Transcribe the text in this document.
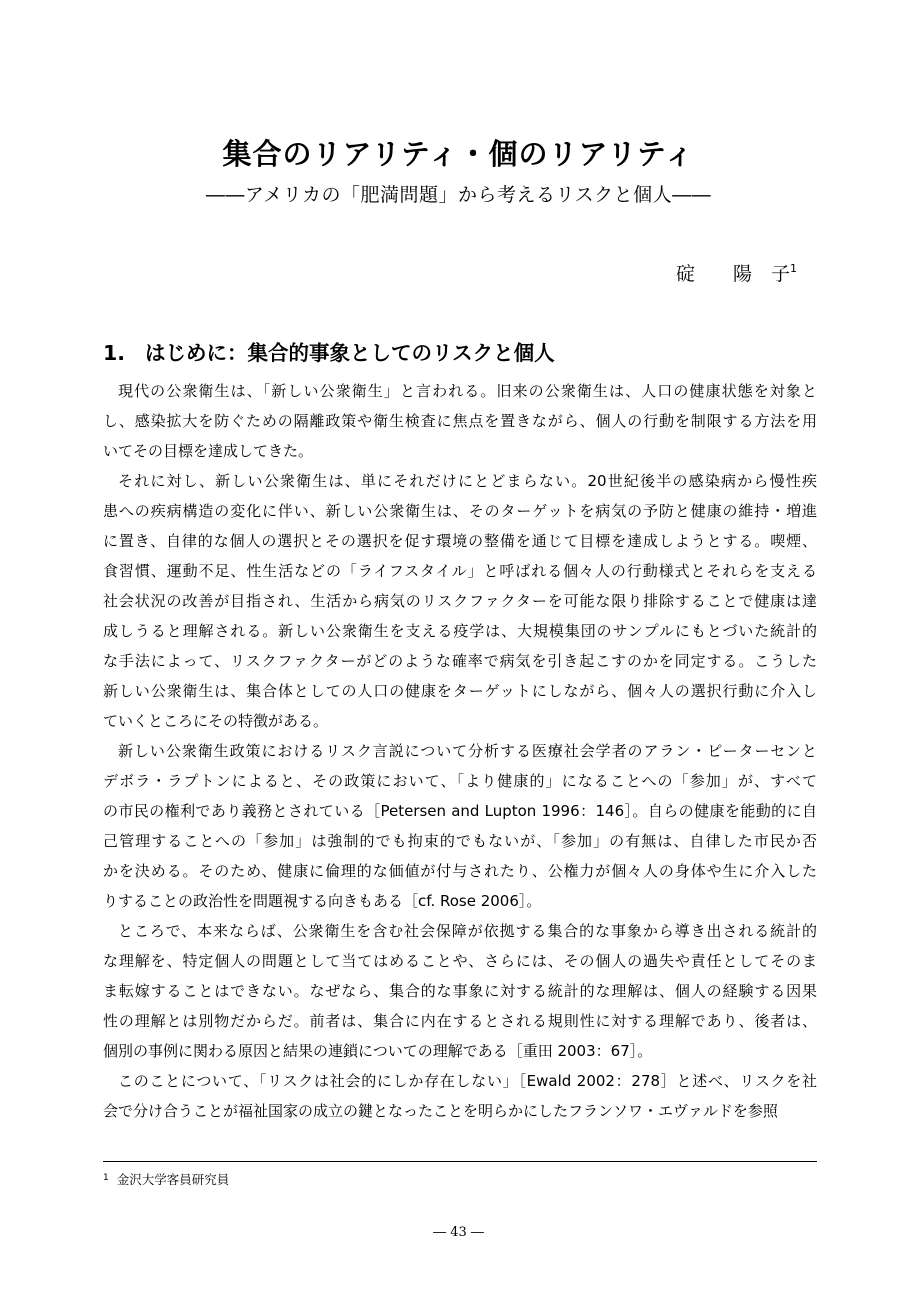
集合のリアリティ・個のリアリティ
――アメリカの「肥満問題」から考えるリスクと個人――
碇　　陽　子$^1$
1. はじめに：集合的事象としてのリスクと個人
現代の公衆衛生は、「新しい公衆衛生」と言われる。旧来の公衆衛生は、人口の健康状態を対象と
し、感染拡大を防ぐための隔離政策や衛生検査に焦点を置きながら、個人の行動を制限する方法を用
いてその目標を達成してきた。
それに対し、新しい公衆衛生は、単にそれだけにとどまらない。20世紀後半の感染病から慢性疾
患への疾病構造の変化に伴い、新しい公衆衛生は、そのターゲットを病気の予防と健康の維持・増進
に置き、自律的な個人の選択とその選択を促す環境の整備を通じて目標を達成しようとする。喫煙、
食習慣、運動不足、性生活などの「ライフスタイル」と呼ばれる個々人の行動様式とそれらを支える
社会状況の改善が目指され、生活から病気のリスクファクターを可能な限り排除することで健康は達
成しうると理解される。新しい公衆衛生を支える疫学は、大規模集団のサンプルにもとづいた統計的
な手法によって、リスクファクターがどのような確率で病気を引き起こすのかを同定する。こうした
新しい公衆衛生は、集合体としての人口の健康をターゲットにしながら、個々人の選択行動に介入し
ていくところにその特徴がある。
新しい公衆衛生政策におけるリスク言説について分析する医療社会学者のアラン・ピーターセンと
デボラ・ラプトンによると、その政策において、「より健康的」になることへの「参加」が、すべて
の市民の権利であり義務とされている［Petersen and Lupton 1996：146］。自らの健康を能動的に自
己管理することへの「参加」は強制的でも拘束的でもないが、「参加」の有無は、自律した市民か否
かを決める。そのため、健康に倫理的な価値が付与されたり、公権力が個々人の身体や生に介入した
りすることの政治性を問題視する向きもある［cf. Rose 2006］。
ところで、本来ならば、公衆衛生を含む社会保障が依拠する集合的な事象から導き出される統計的
な理解を、特定個人の問題として当てはめることや、さらには、その個人の過失や責任としてそのま
ま転嫁することはできない。なぜなら、集合的な事象に対する統計的な理解は、個人の経験する因果
性の理解とは別物だからだ。前者は、集合に内在するとされる規則性に対する理解であり、後者は、
個別の事例に関わる原因と結果の連鎖についての理解である［重田 2003：67］。
このことについて、「リスクは社会的にしか存在しない」［Ewald 2002：278］と述べ、リスクを社
会で分け合うことが福祉国家の成立の鍵となったことを明らかにしたフランソワ・エヴァルドを参照
$^1$ 金沢大学客員研究員
― 43 ―
